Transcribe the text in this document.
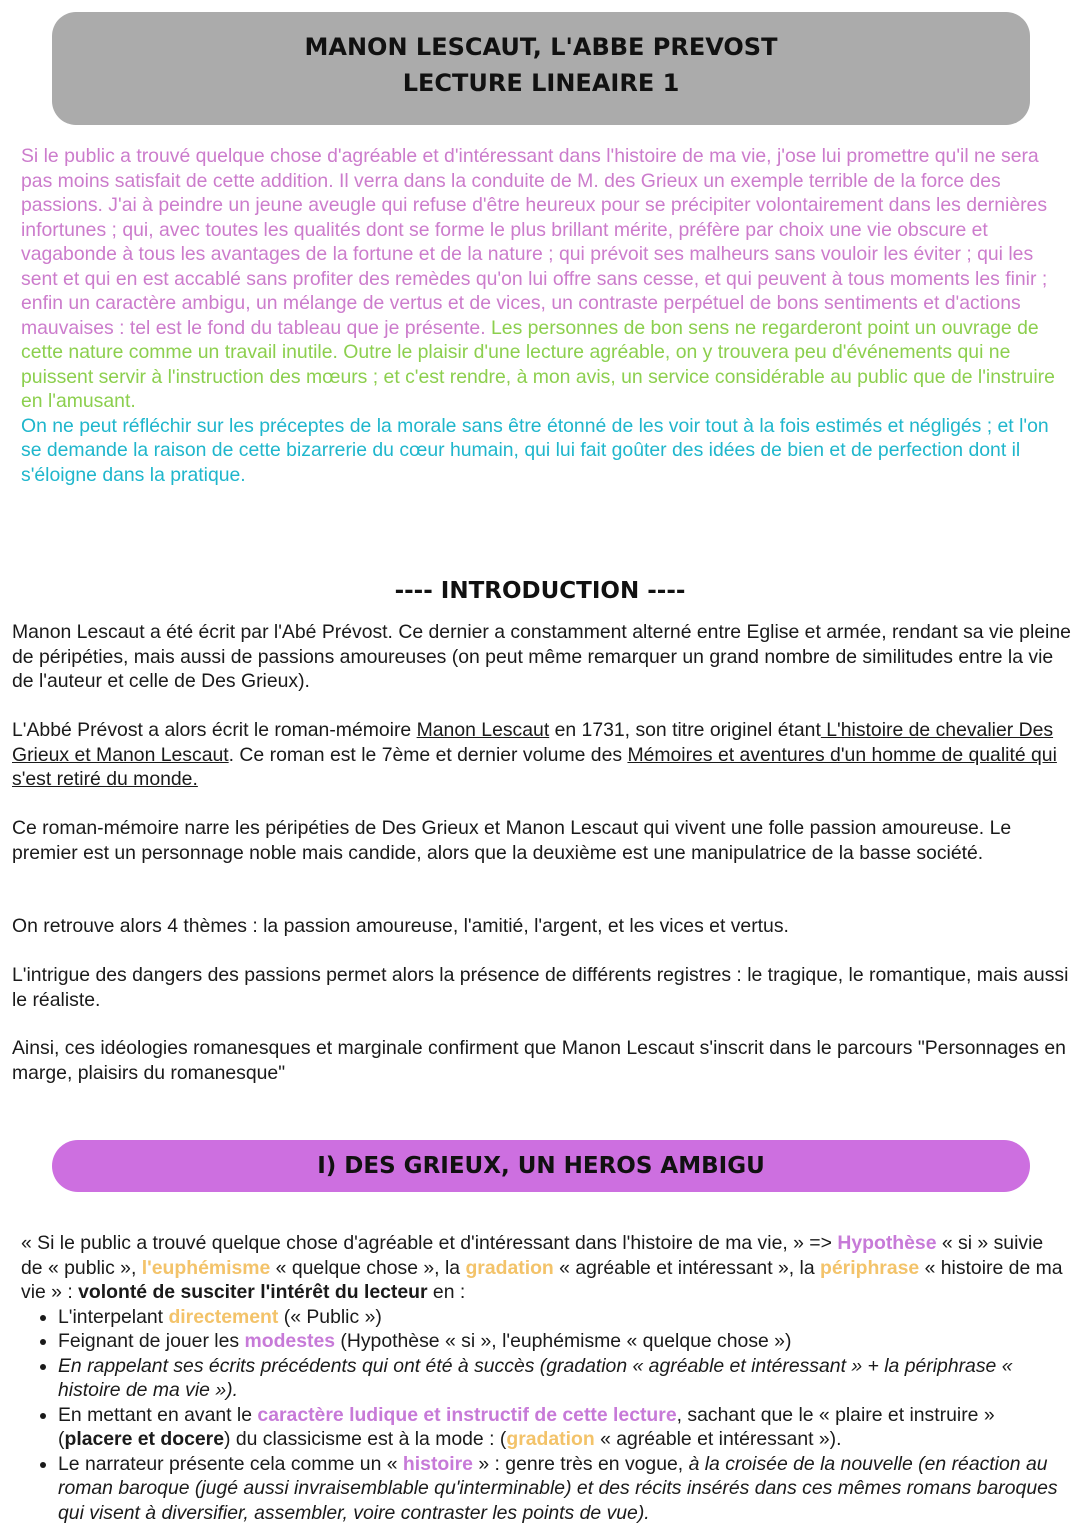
MANON LESCAUT, L'ABBE PREVOST
LECTURE LINEAIRE 1
Si le public a trouvé quelque chose d'agréable et d'intéressant dans l'histoire de ma vie, j'ose lui promettre qu'il ne sera pas moins satisfait de cette addition. Il verra dans la conduite de M. des Grieux un exemple terrible de la force des passions. J'ai à peindre un jeune aveugle qui refuse d'être heureux pour se précipiter volontairement dans les dernières infortunes ; qui, avec toutes les qualités dont se forme le plus brillant mérite, préfère par choix une vie obscure et vagabonde à tous les avantages de la fortune et de la nature ; qui prévoit ses malheurs sans vouloir les éviter ; qui les sent et qui en est accablé sans profiter des remèdes qu'on lui offre sans cesse, et qui peuvent à tous moments les finir ; enfin un caractère ambigu, un mélange de vertus et de vices, un contraste perpétuel de bons sentiments et d'actions mauvaises : tel est le fond du tableau que je présente. Les personnes de bon sens ne regarderont point un ouvrage de cette nature comme un travail inutile. Outre le plaisir d'une lecture agréable, on y trouvera peu d'événements qui ne puissent servir à l'instruction des mœurs ; et c'est rendre, à mon avis, un service considérable au public que de l'instruire en l'amusant.
On ne peut réfléchir sur les préceptes de la morale sans être étonné de les voir tout à la fois estimés et négligés ; et l'on se demande la raison de cette bizarrerie du cœur humain, qui lui fait goûter des idées de bien et de perfection dont il s'éloigne dans la pratique.
---- INTRODUCTION ----
Manon Lescaut a été écrit par l'Abé Prévost. Ce dernier a constamment alterné entre Eglise et armée, rendant sa vie pleine de péripéties, mais aussi de passions amoureuses (on peut même remarquer un grand nombre de similitudes entre la vie de l'auteur et celle de Des Grieux).
L'Abbé Prévost a alors écrit le roman-mémoire Manon Lescaut en 1731, son titre originel étant L'histoire de chevalier Des Grieux et Manon Lescaut. Ce roman est le 7ème et dernier volume des Mémoires et aventures d'un homme de qualité qui s'est retiré du monde.
Ce roman-mémoire narre les péripéties de Des Grieux et Manon Lescaut qui vivent une folle passion amoureuse. Le premier est un personnage noble mais candide, alors que la deuxième est une manipulatrice de la basse société.
On retrouve alors 4 thèmes : la passion amoureuse, l'amitié, l'argent, et les vices et vertus.
L'intrigue des dangers des passions permet alors la présence de différents registres : le tragique, le romantique, mais aussi le réaliste.
Ainsi, ces idéologies romanesques et marginale confirment que Manon Lescaut s'inscrit dans le parcours "Personnages en marge, plaisirs du romanesque"
I) DES GRIEUX, UN HEROS AMBIGU
« Si le public a trouvé quelque chose d'agréable et d'intéressant dans l'histoire de ma vie, » => Hypothèse « si » suivie de « public », l'euphémisme « quelque chose », la gradation « agréable et intéressant », la périphrase « histoire de ma vie » : volonté de susciter l'intérêt du lecteur en :
• L'interpelant directement (« Public »)
• Feignant de jouer les modestes (Hypothèse « si », l'euphémisme « quelque chose »)
• En rappelant ses écrits précédents qui ont été à succès (gradation « agréable et intéressant » + la périphrase « histoire de ma vie »).
• En mettant en avant le caractère ludique et instructif de cette lecture, sachant que le « plaire et instruire » (placere et docere) du classicisme est à la mode : (gradation « agréable et intéressant »).
• Le narrateur présente cela comme un « histoire » : genre très en vogue, à la croisée de la nouvelle (en réaction au roman baroque (jugé aussi invraisemblable qu'interminable) et des récits insérés dans ces mêmes romans baroques qui visent à diversifier, assembler, voire contraster les points de vue).
